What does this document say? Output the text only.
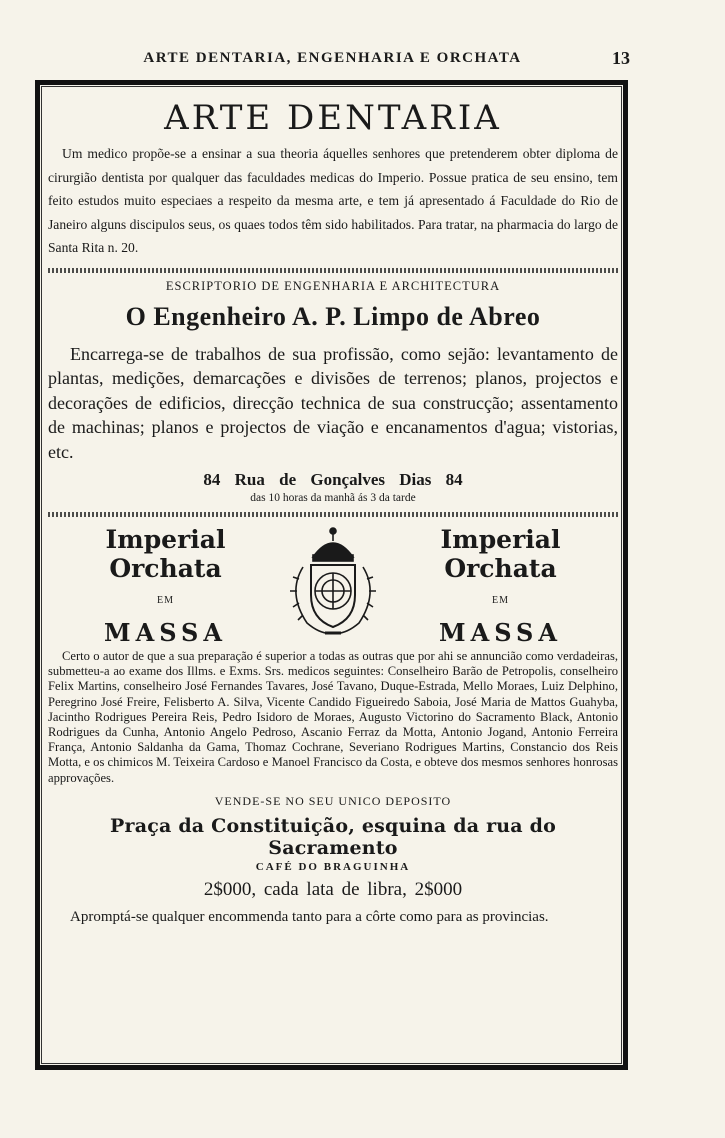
ARTE DENTARIA, ENGENHARIA E ORCHATA	13
ARTE DENTARIA

Um medico propõe-se a ensinar a sua theoria áquelles senhores que pretenderem obter diploma de cirurgião dentista por qualquer das faculdades medicas do Imperio. Possue pratica de seu ensino, tem feito estudos muito especiaes a respeito da mesma arte, e tem já apresentado á Faculdade do Rio de Janeiro alguns discipulos seus, os quaes todos têm sido habilitados. Para tratar, na pharmacia do largo de Santa Rita n. 20.

ESCRIPTORIO DE ENGENHARIA E ARCHITECTURA

O Engenheiro A. P. Limpo de Abreo

Encarrega-se de trabalhos de sua profissão, como sejão: levantamento de plantas, medições, demarcações e divisões de terrenos; planos, projectos e decorações de edificios, direcção technica de sua construcção; assentamento de machinas; planos e projectos de viação e encanamentos d'agua; vistorias, etc.

84 Rua de Gonçalves Dias 84

das 10 horas da manhã ás 3 da tarde

Imperial Orchata

EM

MASSA

Imperial Orchata

EM

MASSA

Certo o autor de que a sua preparação é superior a todas as outras que por ahi se annuncião como verdadeiras, submetteu-a ao exame dos Illms. e Exms. Srs. medicos seguintes: Conselheiro Barão de Petropolis, conselheiro Felix Martins, conselheiro José Fernandes Tavares, José Tavano, Duque-Estrada, Mello Moraes, Luiz Delphino, Peregrino José Freire, Felisberto A. Silva, Vicente Candido Figueiredo Saboia, José Maria de Mattos Guahyba, Jacintho Rodrigues Pereira Reis, Pedro Isidoro de Moraes, Augusto Victorino do Sacramento Black, Antonio Rodrigues da Cunha, Antonio Angelo Pedroso, Ascanio Ferraz da Motta, Antonio Jogand, Antonio Ferreira França, Antonio Saldanha da Gama, Thomaz Cochrane, Severiano Rodrigues Martins, Constancio dos Reis Motta, e os chimicos M. Teixeira Cardoso e Manoel Francisco da Costa, e obteve dos mesmos senhores honrosas approvações.

VENDE-SE NO SEU UNICO DEPOSITO

Praça da Constituição, esquina da rua do Sacramento

CAFÉ DO BRAGUINHA

2$000, cada lata de libra, 2$000

Apromptá-se qualquer encommenda tanto para a côrte como para as provincias.
